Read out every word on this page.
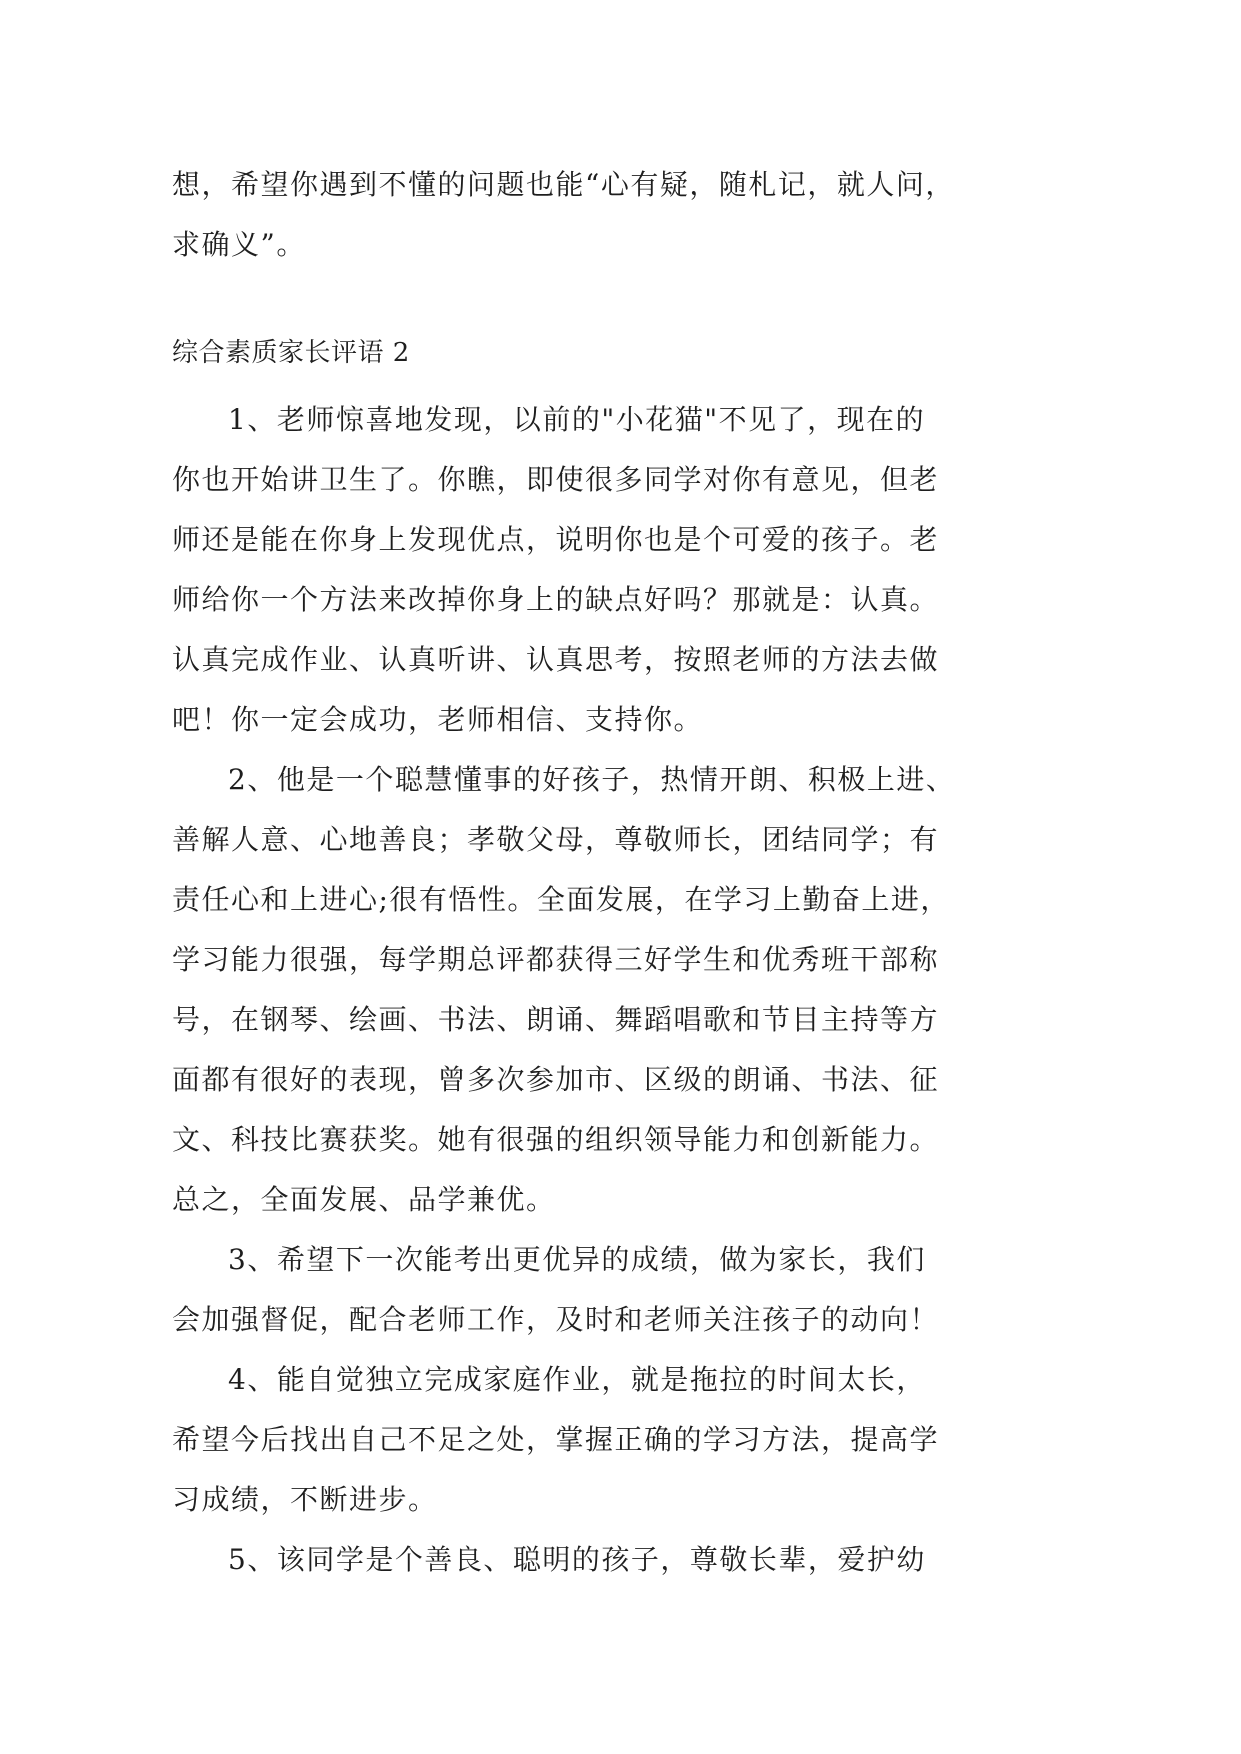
想，希望你遇到不懂的问题也能“心有疑，随札记，就人问，
求确义”。
综合素质家长评语 2
1、老师惊喜地发现，以前的"小花猫"不见了，现在的
你也开始讲卫生了。你瞧，即使很多同学对你有意见，但老
师还是能在你身上发现优点，说明你也是个可爱的孩子。老
师给你一个方法来改掉你身上的缺点好吗？那就是：认真。
认真完成作业、认真听讲、认真思考，按照老师的方法去做
吧！你一定会成功，老师相信、支持你。
2、他是一个聪慧懂事的好孩子，热情开朗、积极上进、
善解人意、心地善良；孝敬父母，尊敬师长，团结同学；有
责任心和上进心;很有悟性。全面发展，在学习上勤奋上进，
学习能力很强，每学期总评都获得三好学生和优秀班干部称
号，在钢琴、绘画、书法、朗诵、舞蹈唱歌和节目主持等方
面都有很好的表现，曾多次参加市、区级的朗诵、书法、征
文、科技比赛获奖。她有很强的组织领导能力和创新能力。
总之，全面发展、品学兼优。
3、希望下一次能考出更优异的成绩，做为家长，我们
会加强督促，配合老师工作，及时和老师关注孩子的动向！
4、能自觉独立完成家庭作业，就是拖拉的时间太长，
希望今后找出自己不足之处，掌握正确的学习方法，提高学
习成绩，不断进步。
5、该同学是个善良、聪明的孩子，尊敬长辈，爱护幼
